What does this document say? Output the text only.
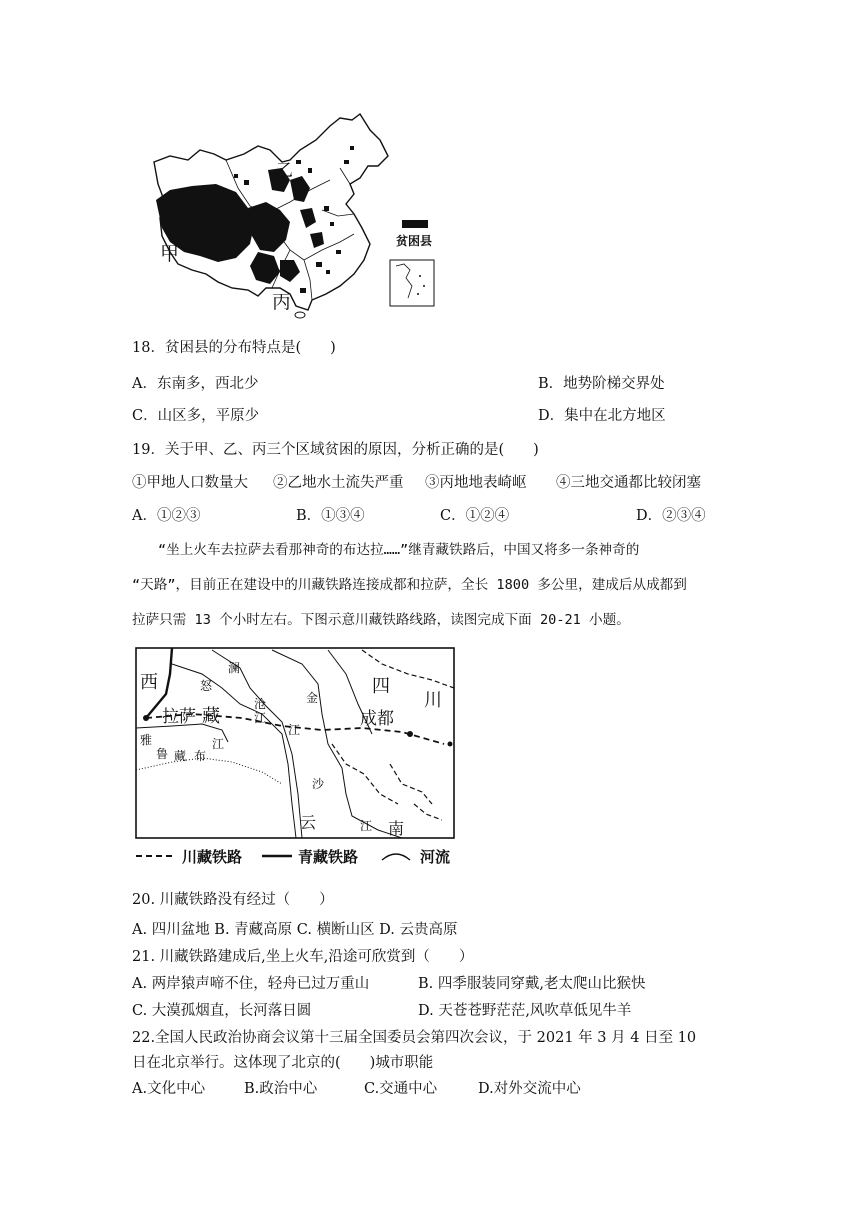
甲
乙
丙
贫困县
18．贫困县的分布特点是(　　)
A．东南多，西北少	B．地势阶梯交界处
C．山区多，平原少	D．集中在北方地区
19．关于甲、乙、丙三个区域贫困的原因，分析正确的是(　　)
①甲地人口数量大 ②乙地水土流失严重 ③丙地地表崎岖 ④三地交通都比较闭塞
A．①②③	B．①③④	C．①②④	D．②③④
“坐上火车去拉萨去看那神奇的布达拉……”继青藏铁路后，中国又将多一条神奇的
“天路”，目前正在建设中的川藏铁路连接成都和拉萨，全长 1800 多公里，建成后从成都到
拉萨只需 13 个小时左右。下图示意川藏铁路线路，读图完成下面 20-21 小题。
西
藏
拉萨
雅
鲁 藏 布
江
怒
江
澜
沧
江
金
沙
江
四
川
成都
云	南
川藏铁路	青藏铁路	河流
20. 川藏铁路没有经过（　　）
A. 四川盆地 B. 青藏高原 C. 横断山区 D. 云贵高原
21. 川藏铁路建成后,坐上火车,沿途可欣赏到（　　）
A. 两岸猿声啼不住，轻舟已过万重山	B. 四季服装同穿戴,老太爬山比猴快
C. 大漠孤烟直，长河落日圆	D. 天苍苍野茫茫,风吹草低见牛羊
22.全国人民政治协商会议第十三届全国委员会第四次会议，于 2021 年 3 月 4 日至 10
日在北京举行。这体现了北京的(　　)城市职能
A.文化中心	B.政治中心	C.交通中心	D.对外交流中心
